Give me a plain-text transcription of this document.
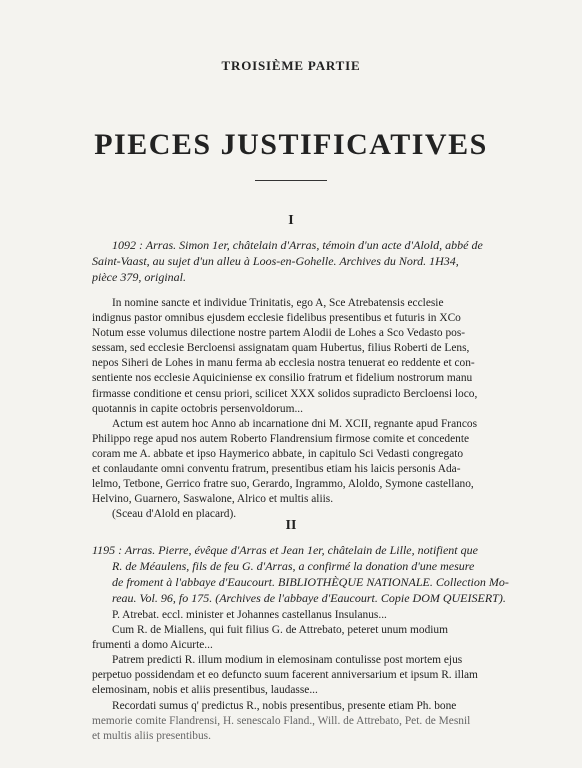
TROISIÈME PARTIE
PIECES JUSTIFICATIVES
I
1092 : Arras. Simon 1er, châtelain d'Arras, témoin d'un acte d'Alold, abbé de
Saint-Vaast, au sujet d'un alleu à Loos-en-Gohelle. Archives du Nord. 1H34,
pièce 379, original.
In nomine sancte et individue Trinitatis, ego A, Sce Atrebatensis ecclesie
indignus pastor omnibus ejusdem ecclesie fidelibus presentibus et futuris in XCo
Notum esse volumus dilectione nostre partem Alodii de Lohes a Sco Vedasto pos-
sessam, sed ecclesie Bercloensi assignatam quam Hubertus, filius Roberti de Lens,
nepos Siheri de Lohes in manu ferma ab ecclesia nostra tenuerat eo reddente et con-
sentiente nos ecclesie Aquiciniense ex consilio fratrum et fidelium nostrorum manu
firmasse conditione et censu priori, scilicet XXX solidos supradicto Bercloensi loco,
quotannis in capite octobris persenvoldorum...
Actum est autem hoc Anno ab incarnatione dni M. XCII, regnante apud Francos
Philippo rege apud nos autem Roberto Flandrensium firmose comite et concedente
coram me A. abbate et ipso Haymerico abbate, in capitulo Sci Vedasti congregato
et conlaudante omni conventu fratrum, presentibus etiam his laicis personis Ada-
lelmo, Tetbone, Gerrico fratre suo, Gerardo, Ingrammo, Aloldo, Symone castellano,
Helvino, Guarnero, Saswalone, Alrico et multis aliis.
(Sceau d'Alold en placard).
II
1195 : Arras. Pierre, évêque d'Arras et Jean 1er, châtelain de Lille, notifient que
R. de Méaulens, fils de feu G. d'Arras, a confirmé la donation d'une mesure
de froment à l'abbaye d'Eaucourt. BIBLIOTHÈQUE NATIONALE. Collection Mo-
reau. Vol. 96, fo 175. (Archives de l'abbaye d'Eaucourt. Copie DOM QUEISERT).
P. Atrebat. eccl. minister et Johannes castellanus Insulanus...
Cum R. de Miallens, qui fuit filius G. de Attrebato, peteret unum modium
frumenti a domo Aicurte...
Patrem predicti R. illum modium in elemosinam contulisse post mortem ejus
perpetuo possidendam et eo defuncto suum facerent anniversarium et ipsum R. illam
elemosinam, nobis et aliis presentibus, laudasse...
Recordati sumus q' predictus R., nobis presentibus, presente etiam Ph. bone
memorie comite Flandrensi, H. senescalo Fland., Will. de Attrebato, Pet. de Mesnil
et multis aliis presentibus.
